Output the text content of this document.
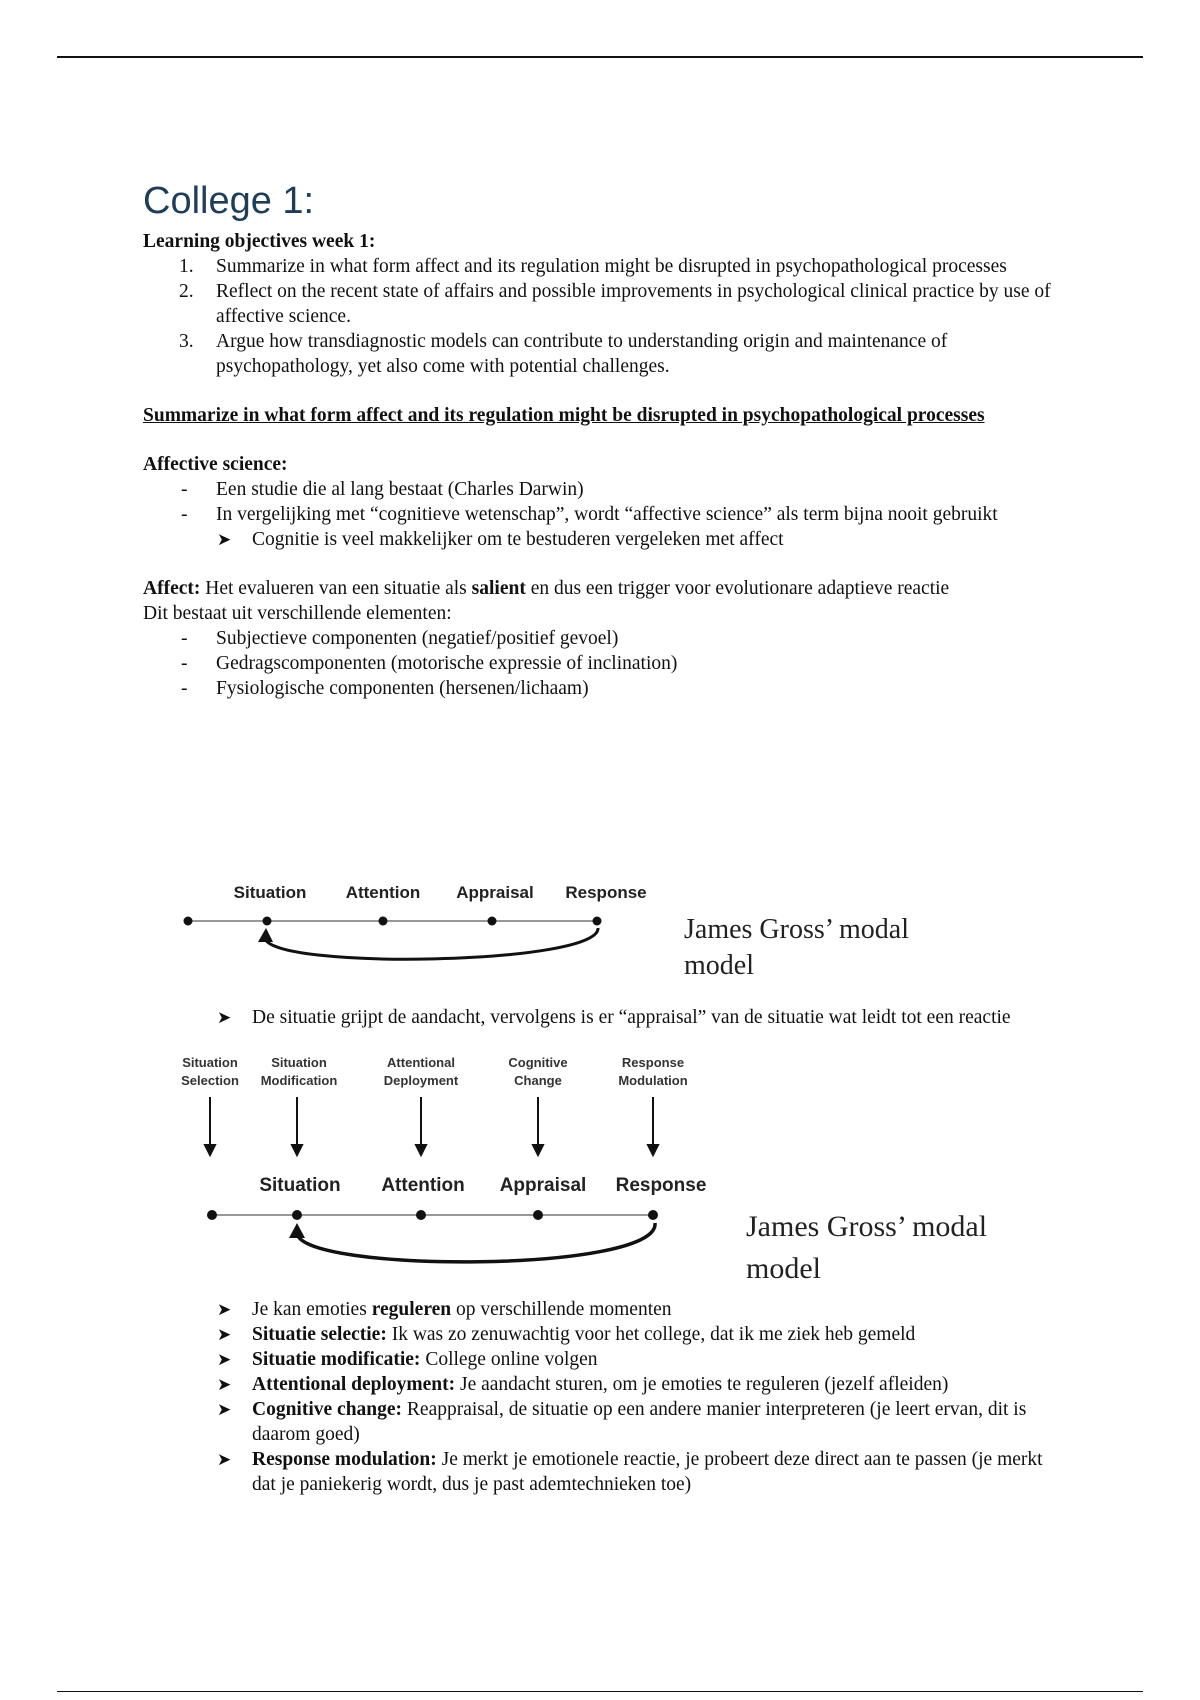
College 1:

Learning objectives week 1:

1. Summarize in what form affect and its regulation might be disrupted in psychopathological processes
2. Reflect on the recent state of affairs and possible improvements in psychological clinical practice by use of affective science.
3. Argue how transdiagnostic models can contribute to understanding origin and maintenance of psychopathology, yet also come with potential challenges.

Summarize in what form affect and its regulation might be disrupted in psychopathological processes

Affective science:

- Een studie die al lang bestaat (Charles Darwin)
- In vergelijking met “cognitieve wetenschap”, wordt “affective science” als term bijna nooit gebruikt
➤ Cognitie is veel makkelijker om te bestuderen vergeleken met affect

Affect: Het evalueren van een situatie als salient en dus een trigger voor evolutionare adaptieve reactie

Dit bestaat uit verschillende elementen:

- Subjectieve componenten (negatief/positief gevoel)
- Gedragscomponenten (motorische expressie of inclination)
- Fysiologische componenten (hersenen/lichaam)
Situation Attention Appraisal Response
James Gross’ modal
model
➤ De situatie grijpt de aandacht, vervolgens is er “appraisal” van de situatie wat leidt tot een reactie
Situation
Selection
Situation
Modification
Attentional
Deployment
Cognitive
Change
Response
Modulation
Situation Attention Appraisal Response
James Gross’ modal
model
➤ Je kan emoties reguleren op verschillende momenten
➤ Situatie selectie: Ik was zo zenuwachtig voor het college, dat ik me ziek heb gemeld
➤ Situatie modificatie: College online volgen
➤ Attentional deployment: Je aandacht sturen, om je emoties te reguleren (jezelf afleiden)
➤ Cognitive change: Reappraisal, de situatie op een andere manier interpreteren (je leert ervan, dit is daarom goed)
➤ Response modulation: Je merkt je emotionele reactie, je probeert deze direct aan te passen (je merkt dat je paniekerig wordt, dus je past ademtechnieken toe)
